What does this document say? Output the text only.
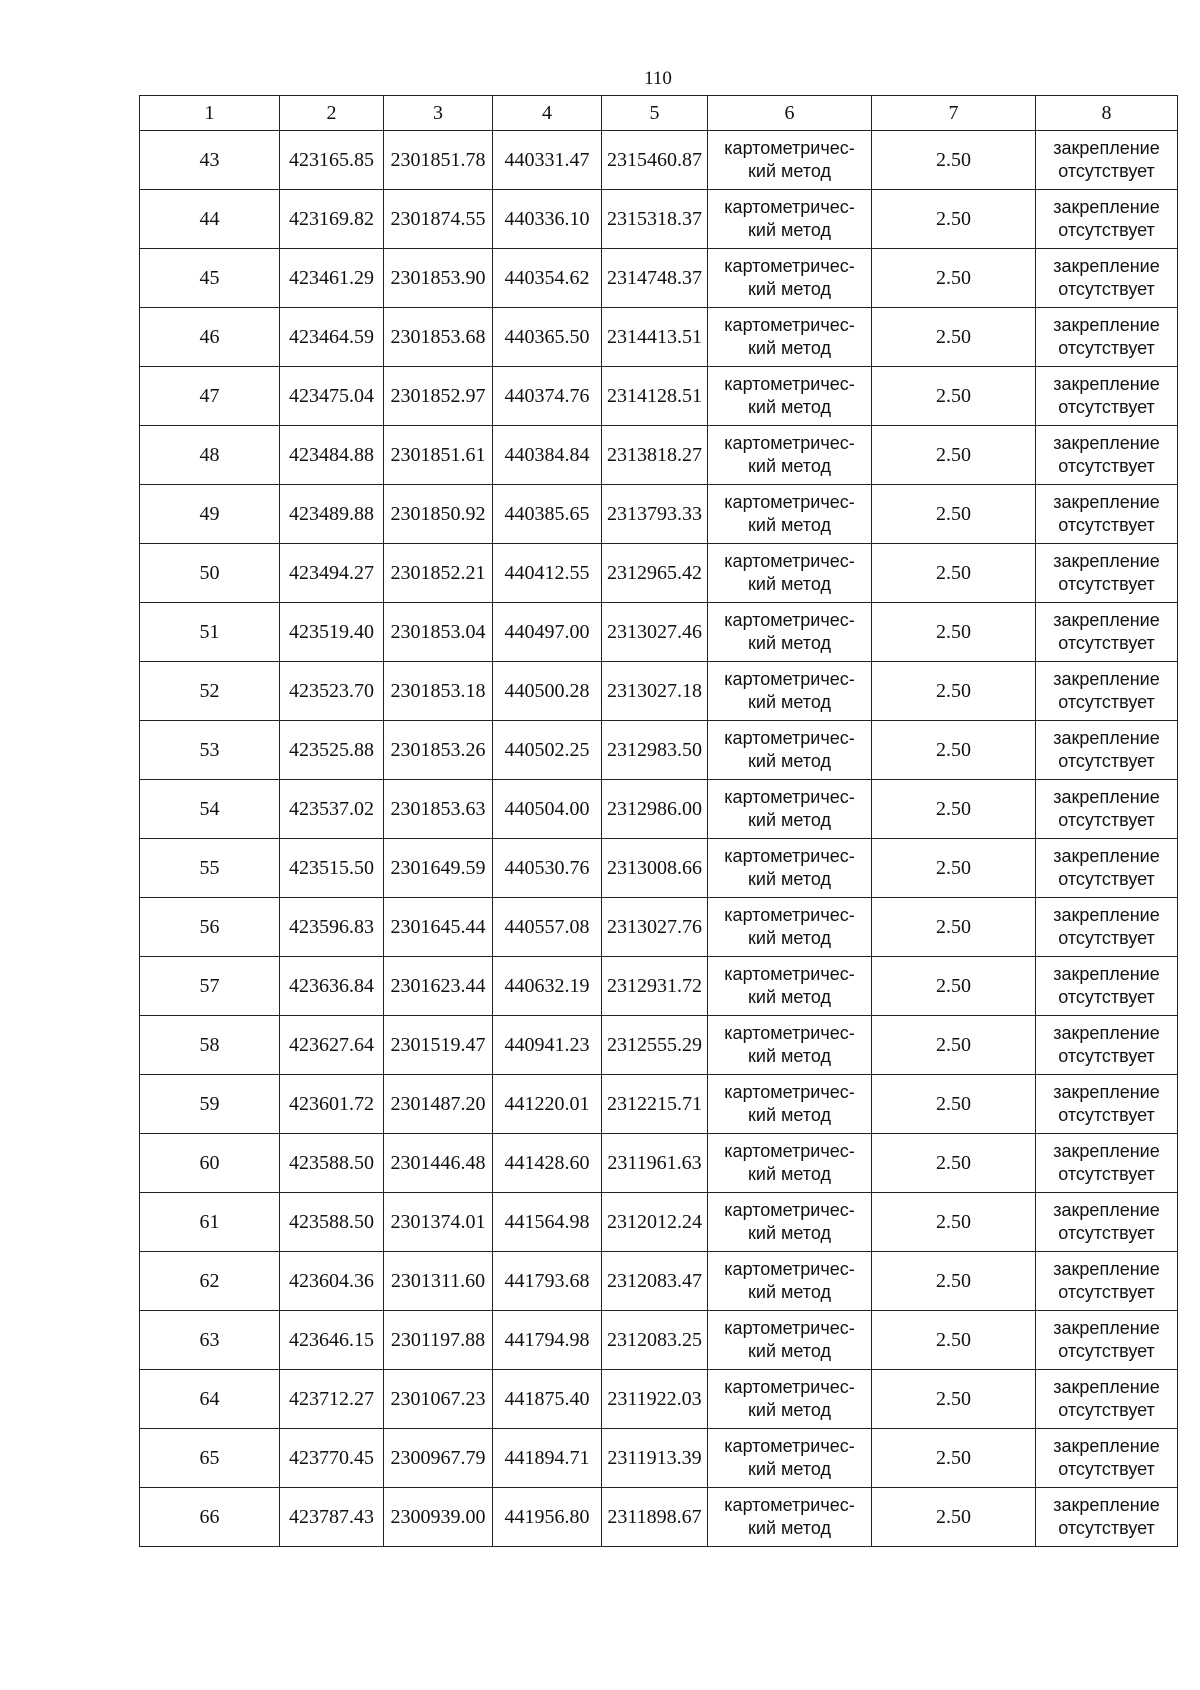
110
1	2	3	4	5	6	7	8
43	423165.85	2301851.78	440331.47	2315460.87	картометричес-
кий метод	2.50	закрепление
отсутствует

44	423169.82	2301874.55	440336.10	2315318.37	картометричес-
кий метод	2.50	закрепление
отсутствует

45	423461.29	2301853.90	440354.62	2314748.37	картометричес-
кий метод	2.50	закрепление
отсутствует

46	423464.59	2301853.68	440365.50	2314413.51	картометричес-
кий метод	2.50	закрепление
отсутствует

47	423475.04	2301852.97	440374.76	2314128.51	картометричес-
кий метод	2.50	закрепление
отсутствует

48	423484.88	2301851.61	440384.84	2313818.27	картометричес-
кий метод	2.50	закрепление
отсутствует

49	423489.88	2301850.92	440385.65	2313793.33	картометричес-
кий метод	2.50	закрепление
отсутствует

50	423494.27	2301852.21	440412.55	2312965.42	картометричес-
кий метод	2.50	закрепление
отсутствует

51	423519.40	2301853.04	440497.00	2313027.46	картометричес-
кий метод	2.50	закрепление
отсутствует

52	423523.70	2301853.18	440500.28	2313027.18	картометричес-
кий метод	2.50	закрепление
отсутствует

53	423525.88	2301853.26	440502.25	2312983.50	картометричес-
кий метод	2.50	закрепление
отсутствует

54	423537.02	2301853.63	440504.00	2312986.00	картометричес-
кий метод	2.50	закрепление
отсутствует

55	423515.50	2301649.59	440530.76	2313008.66	картометричес-
кий метод	2.50	закрепление
отсутствует

56	423596.83	2301645.44	440557.08	2313027.76	картометричес-
кий метод	2.50	закрепление
отсутствует

57	423636.84	2301623.44	440632.19	2312931.72	картометричес-
кий метод	2.50	закрепление
отсутствует

58	423627.64	2301519.47	440941.23	2312555.29	картометричес-
кий метод	2.50	закрепление
отсутствует

59	423601.72	2301487.20	441220.01	2312215.71	картометричес-
кий метод	2.50	закрепление
отсутствует

60	423588.50	2301446.48	441428.60	2311961.63	картометричес-
кий метод	2.50	закрепление
отсутствует

61	423588.50	2301374.01	441564.98	2312012.24	картометричес-
кий метод	2.50	закрепление
отсутствует

62	423604.36	2301311.60	441793.68	2312083.47	картометричес-
кий метод	2.50	закрепление
отсутствует

63	423646.15	2301197.88	441794.98	2312083.25	картометричес-
кий метод	2.50	закрепление
отсутствует

64	423712.27	2301067.23	441875.40	2311922.03	картометричес-
кий метод	2.50	закрепление
отсутствует

65	423770.45	2300967.79	441894.71	2311913.39	картометричес-
кий метод	2.50	закрепление
отсутствует

66	423787.43	2300939.00	441956.80	2311898.67	картометричес-
кий метод	2.50	закрепление
отсутствует
